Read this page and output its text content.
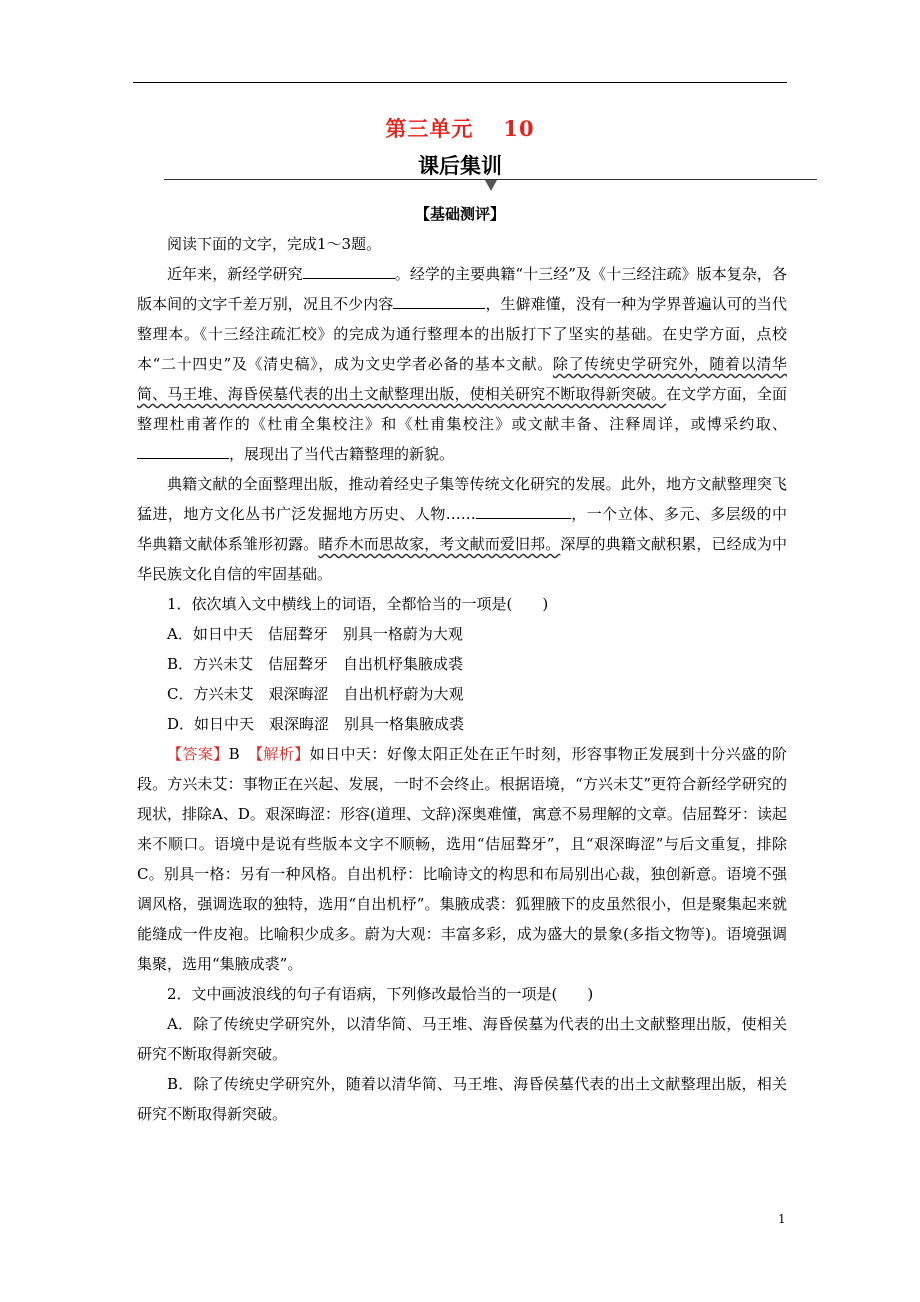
第三单元 10
课后集训
【基础测评】

阅读下面的文字，完成1～3题。

近年来，新经学研究	。经学的主要典籍“十三经”及《十三经注疏》版本复杂，各版本间的文字千差万别，况且不少内容	，生僻难懂，没有一种为学界普遍认可的当代整理本。《十三经注疏汇校》的完成为通行整理本的出版打下了坚实的基础。在史学方面，点校本“二十四史”及《清史稿》，成为文史学者必备的基本文献。除了传统史学研究外，随着以清华简、马王堆、海昏侯墓代表的出土文献整理出版，使相关研究不断取得新突破。在文学方面，全面整理杜甫著作的《杜甫全集校注》和《杜甫集校注》或文献丰备、注释周详，或博采约取、，展现出了当代古籍整理的新貌。

典籍文献的全面整理出版，推动着经史子集等传统文化研究的发展。此外，地方文献整理突飞猛进，地方文化丛书广泛发掘地方历史、人物……	，一个立体、多元、多层级的中华典籍文献体系雏形初露。睹乔木而思故家，考文献而爱旧邦。深厚的典籍文献积累，已经成为中华民族文化自信的牢固基础。

1．依次填入文中横线上的词语，全都恰当的一项是(　　)

A．如日中天　佶屈聱牙　别具一格蔚为大观

B．方兴未艾　佶屈聱牙　自出机杼集腋成裘

C．方兴未艾　艰深晦涩　自出机杼蔚为大观

D．如日中天　艰深晦涩　别具一格集腋成裘

【答案】B　 【解析】如日中天：好像太阳正处在正午时刻，形容事物正发展到十分兴盛的阶段。方兴未艾：事物正在兴起、发展，一时不会终止。根据语境，“方兴未艾”更符合新经学研究的现状，排除A、D。艰深晦涩：形容(道理、文辞)深奥难懂，寓意不易理解的文章。佶屈聱牙：读起来不顺口。语境中是说有些版本文字不顺畅，选用“佶屈聱牙”，且“艰深晦涩”与后文重复，排除C。别具一格：另有一种风格。自出机杼：比喻诗文的构思和布局别出心裁，独创新意。语境不强调风格，强调选取的独特，选用“自出机杼”。集腋成裘：狐狸腋下的皮虽然很小，但是聚集起来就能缝成一件皮袍。比喻积少成多。蔚为大观：丰富多彩，成为盛大的景象(多指文物等)。语境强调集聚，选用“集腋成裘”。

2．文中画波浪线的句子有语病，下列修改最恰当的一项是(　　)

A．除了传统史学研究外，以清华简、马王堆、海昏侯墓为代表的出土文献整理出版，使相关研究不断取得新突破。

B．除了传统史学研究外，随着以清华简、马王堆、海昏侯墓代表的出土文献整理出版，相关研究不断取得新突破。

1
